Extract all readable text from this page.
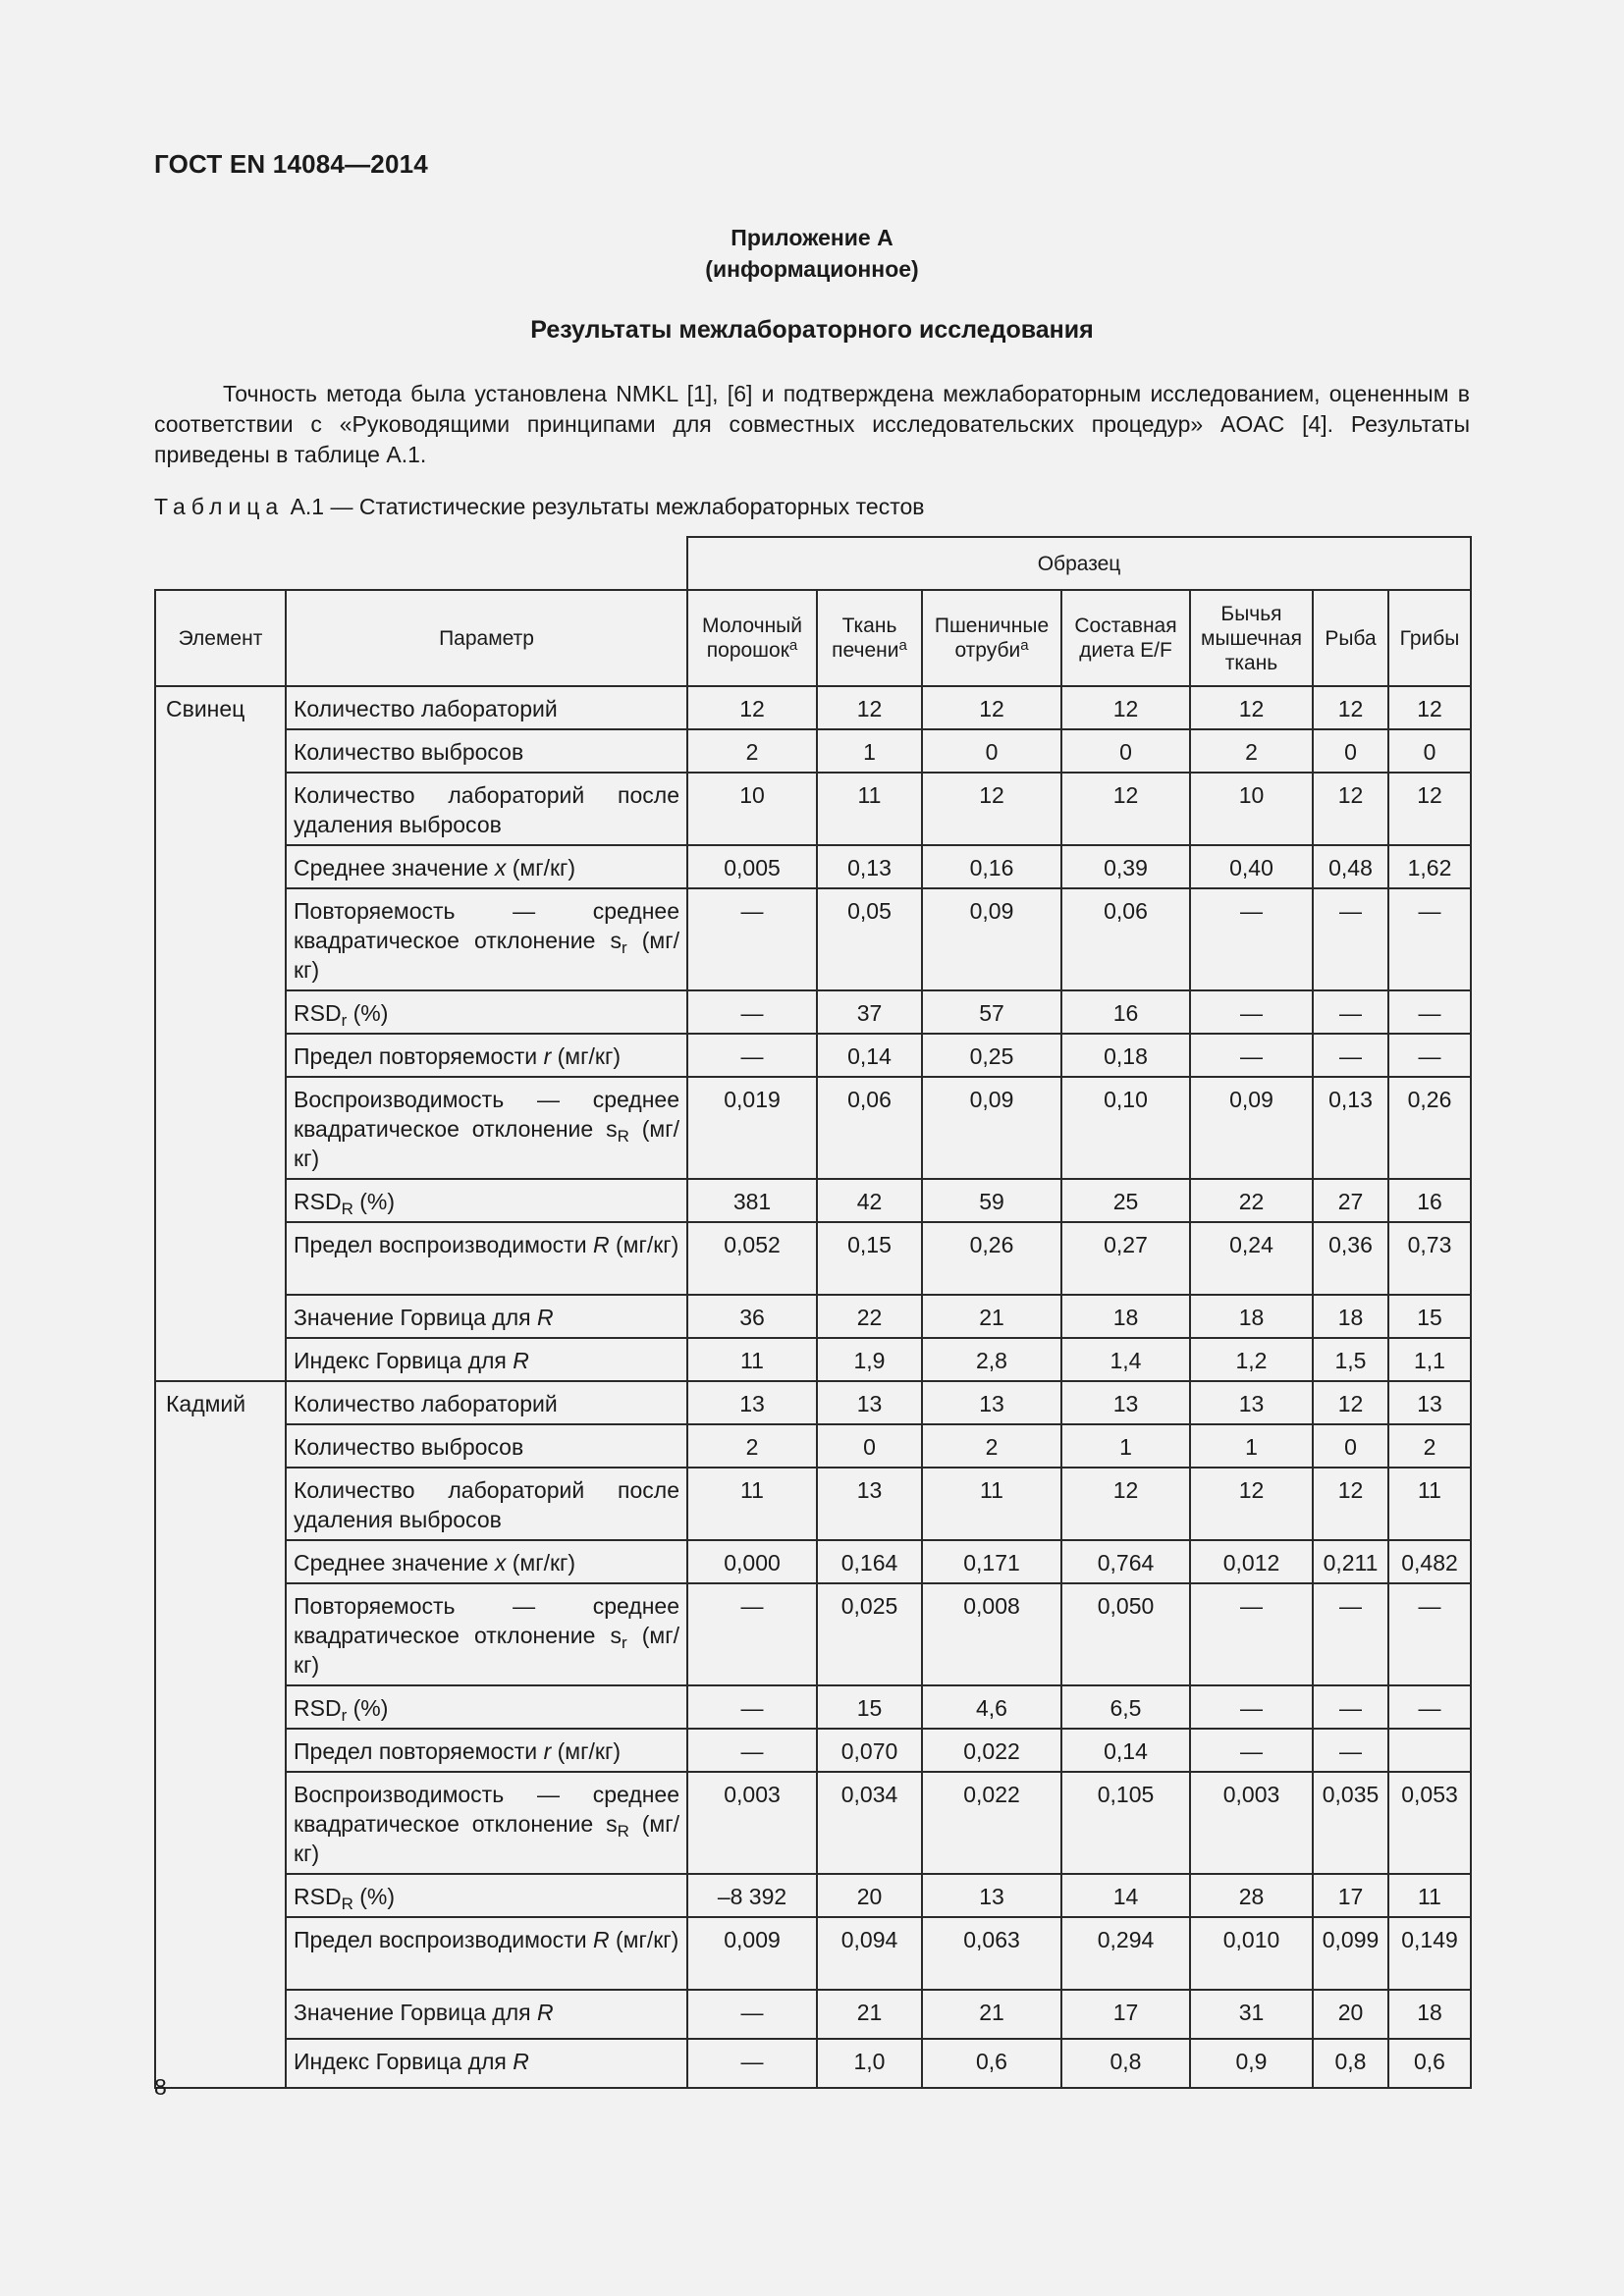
ГОСТ EN 14084—2014
Приложение А
(информационное)
Результаты межлабораторного исследования

Точность метода была установлена NMKL [1], [6] и подтверждена межлабораторным исследованием, оцененным в соответствии с «Руководящими принципами для совместных исследовательских процедур» AOAC [4]. Результаты приведены в таблице А.1.

Таблица А.1 — Статистические результаты межлабораторных тестов
		Образец						
Элемент	Параметр	Молочный порошок$^a$	Ткань печени$^a$	Пшеничные отруби$^a$	Составная диета E/F	Бычья мышечная ткань	Рыба	Грибы
Свинец	Количество лабораторий	12	12	12	12	12	12	12
	Количество выбросов	2	1	0	0	2	0	0
	Количество лабораторий после удаления выбросов	10	11	12	12	10	12	12
	Среднее значение x (мг/кг)	0,005	0,13	0,16	0,39	0,40	0,48	1,62
	Повторяемость — среднее квадратическое отклонение $s_r$ (мг/кг)	—	0,05	0,09	0,06	—	—	—
	$RSD_r$ (%)	—	37	57	16	—	—	—
	Предел повторяемости r (мг/кг)	—	0,14	0,25	0,18	—	—	—
	Воспроизводимость — среднее квадратическое отклонение $s_R$ (мг/кг)	0,019	0,06	0,09	0,10	0,09	0,13	0,26
	$RSD_R$ (%)	381	42	59	25	22	27	16
	Предел воспроизводимости R (мг/кг)	0,052	0,15	0,26	0,27	0,24	0,36	0,73
	Значение Горвица для R	36	22	21	18	18	18	15
	Индекс Горвица для R	11	1,9	2,8	1,4	1,2	1,5	1,1
Кадмий	Количество лабораторий	13	13	13	13	13	12	13
	Количество выбросов	2	0	2	1	1	0	2
	Количество лабораторий после удаления выбросов	11	13	11	12	12	12	11
	Среднее значение x (мг/кг)	0,000	0,164	0,171	0,764	0,012	0,211	0,482
	Повторяемость — среднее квадратическое отклонение $s_r$ (мг/кг)	—	0,025	0,008	0,050	—	—	—
	$RSD_r$ (%)	—	15	4,6	6,5	—	—	—
	Предел повторяемости r (мг/кг)	—	0,070	0,022	0,14	—	—	
	Воспроизводимость — среднее квадратическое отклонение $s_R$ (мг/кг)	0,003	0,034	0,022	0,105	0,003	0,035	0,053
	$RSD_R$ (%)	–8 392	20	13	14	28	17	11
	Предел воспроизводимости R (мг/кг)	0,009	0,094	0,063	0,294	0,010	0,099	0,149
	Значение Горвица для R	—	21	21	17	31	20	18
	Индекс Горвица для R	—	1,0	0,6	0,8	0,9	0,8	0,6
8
